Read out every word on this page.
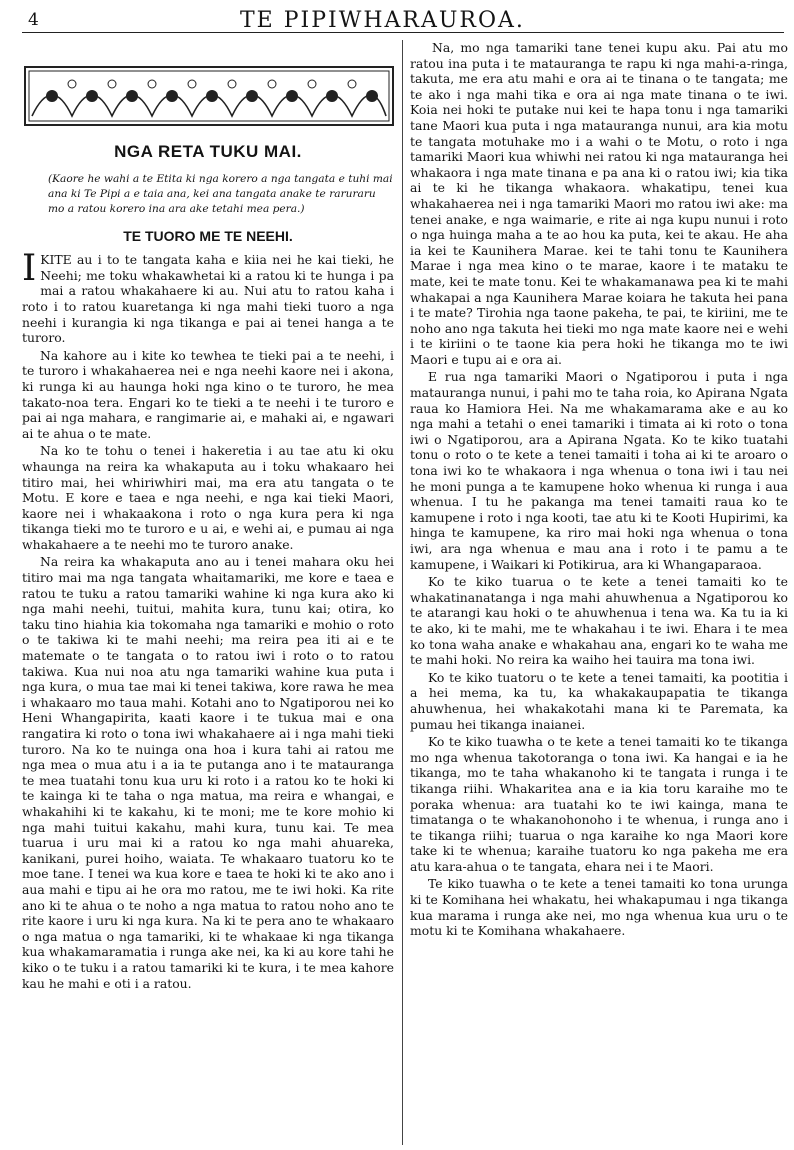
4	TE PIPIWHARAUROA.
NGA RETA TUKU MAI.
(Kaore he wahi a te Etita ki nga korero a nga tangata e tuhi mai ana ki Te Pipi a e taia ana, kei ana tangata anake te raruraru mo a ratou korero ina ara ake tetahi mea pera.)
TE TUORO ME TE NEEHI.

IKITE au i to te tangata kaha e kiia nei he kai tieki, he Neehi; me toku whakawhetai ki a ratou ki te hunga i pa mai a ratou whakahaere ki au. Nui atu to ratou kaha i roto i to ratou kuaretanga ki nga mahi tieki tuoro a nga neehi i kurangia ki nga tikanga e pai ai tenei hanga a te turoro.

Na kahore au i kite ko tewhea te tieki pai a te neehi, i te turoro i whakahaerea nei e nga neehi kaore nei i akona, ki runga ki au haunga hoki nga kino o te turoro, he mea takato-noa tera. Engari ko te tieki a te neehi i te turoro e pai ai nga mahara, e rangimarie ai, e mahaki ai, e ngawari ai te ahua o te mate.

Na ko te tohu o tenei i hakeretia i au tae atu ki oku whaunga na reira ka whakaputa au i toku whakaaro hei titiro mai, hei whiriwhiri mai, ma era atu tangata o te Motu. E kore e taea e nga neehi, e nga kai tieki Maori, kaore nei i whakaakona i roto o nga kura pera ki nga tikanga tieki mo te turoro e u ai, e wehi ai, e pumau ai nga whakahaere a te neehi mo te turoro anake.

Na reira ka whakaputa ano au i tenei mahara oku hei titiro mai ma nga tangata whaitamariki, me kore e taea e ratou te tuku a ratou tamariki wahine ki nga kura ako ki nga mahi neehi, tuitui, mahita kura, tunu kai; otira, ko taku tino hiahia kia tokomaha nga tamariki e mohio o roto o te takiwa ki te mahi neehi; ma reira pea iti ai e te matemate o te tangata o to ratou iwi i roto o to ratou takiwa. Kua nui noa atu nga tamariki wahine kua puta i nga kura, o mua tae mai ki tenei takiwa, kore rawa he mea i whakaaro mo taua mahi. Kotahi ano to Ngatiporou nei ko Heni Whangapirita, kaati kaore i te tukua mai e ona rangatira ki roto o tona iwi whakahaere ai i nga mahi tieki turoro. Na ko te nuinga ona hoa i kura tahi ai ratou me nga mea o mua atu i a ia te putanga ano i te matauranga te mea tuatahi tonu kua uru ki roto i a ratou ko te hoki ki te kainga ki te taha o nga matua, ma reira e whangai, e whakahihi ki te kakahu, ki te moni; me te kore mohio ki nga mahi tuitui kakahu, mahi kura, tunu kai. Te mea tuarua i uru mai ki a ratou ko nga mahi ahuareka, kanikani, purei hoiho, waiata. Te whakaaro tuatoru ko te moe tane. I tenei wa kua kore e taea te hoki ki te ako ano i aua mahi e tipu ai he ora mo ratou, me te iwi hoki. Ka rite ano ki te ahua o te noho a nga matua to ratou noho ano te rite kaore i uru ki nga kura. Na ki te pera ano te whakaaro o nga matua o nga tamariki, ki te whakaae ki nga tikanga kua whakamaramatia i runga ake nei, ka ki au kore tahi he kiko o te tuku i a ratou tamariki ki te kura, i te mea kahore kau he mahi e oti i a ratou.

Na, mo nga tamariki tane tenei kupu aku. Pai atu mo ratou ina puta i te matauranga te rapu ki nga mahi-a-ringa, takuta, me era atu mahi e ora ai te tinana o te tangata; me te ako i nga mahi tika e ora ai nga mate tinana o te iwi. Koia nei hoki te putake nui kei te hapa tonu i nga tamariki tane Maori kua puta i nga matauranga nunui, ara kia motu te tangata motuhake mo i a wahi o te Motu, o roto i nga tamariki Maori kua whiwhi nei ratou ki nga matauranga hei whakaora i nga mate tinana e pa ana ki o ratou iwi; kia tika ai te ki he tikanga whakaora. whakatipu, tenei kua whakahaerea nei i nga tamariki Maori mo ratou iwi ake: ma tenei anake, e nga waimarie, e rite ai nga kupu nunui i roto o nga huinga maha a te ao hou ka puta, kei te akau. He aha ia kei te Kaunihera Marae. kei te tahi tonu te Kaunihera Marae i nga mea kino o te marae, kaore i te mataku te mate, kei te mate tonu. Kei te whakamanawa pea ki te mahi whakapai a nga Kaunihera Marae koiara he takuta hei pana i te mate? Tirohia nga taone pakeha, te pai, te kiriini, me te noho ano nga takuta hei tieki mo nga mate kaore nei e wehi i te kiriini o te taone kia pera hoki he tikanga mo te iwi Maori e tupu ai e ora ai.

E rua nga tamariki Maori o Ngatiporou i puta i nga matauranga nunui, i pahi mo te taha roia, ko Apirana Ngata raua ko Hamiora Hei. Na me whakamarama ake e au ko nga mahi a tetahi o enei tamariki i timata ai ki roto o tona iwi o Ngatiporou, ara a Apirana Ngata. Ko te kiko tuatahi tonu o roto o te kete a tenei tamaiti i toha ai ki te aroaro o tona iwi ko te whakaora i nga whenua o tona iwi i tau nei he moni punga a te kamupene hoko whenua ki runga i aua whenua. I tu he pakanga ma tenei tamaiti raua ko te kamupene i roto i nga kooti, tae atu ki te Kooti Hupirimi, ka hinga te kamupene, ka riro mai hoki nga whenua o tona iwi, ara nga whenua e mau ana i roto i te pamu a te kamupene, i Waikari ki Potikirua, ara ki Whangaparaoa.

Ko te kiko tuarua o te kete a tenei tamaiti ko te whakatinanatanga i nga mahi ahuwhenua a Ngatiporou ko te atarangi kau hoki o te ahuwhenua i tena wa. Ka tu ia ki te ako, ki te mahi, me te whakahau i te iwi. Ehara i te mea ko tona waha anake e whakahau ana, engari ko te waha me te mahi hoki. No reira ka waiho hei tauira ma tona iwi.

Ko te kiko tuatoru o te kete a tenei tamaiti, ka pootitia i a hei mema, ka tu, ka whakakaupapatia te tikanga ahuwhenua, hei whakakotahi mana ki te Paremata, ka pumau hei tikanga inaianei.

Ko te kiko tuawha o te kete a tenei tamaiti ko te tikanga mo nga whenua takotoranga o tona iwi. Ka hangai e ia he tikanga, mo te taha whakanoho ki te tangata i runga i te tikanga riihi. Whakaritea ana e ia kia toru karaihe mo te poraka whenua: ara tuatahi ko te iwi kainga, mana te timatanga o te whakanohonoho i te whenua, i runga ano i te tikanga riihi; tuarua o nga karaihe ko nga Maori kore take ki te whenua; karaihe tuatoru ko nga pakeha me era atu kara-ahua o te tangata, ehara nei i te Maori.

Te kiko tuawha o te kete a tenei tamaiti ko tona urunga ki te Komihana hei whakatu, hei whakapumau i nga tikanga kua marama i runga ake nei, mo nga whenua kua uru o te motu ki te Komihana whakahaere.
